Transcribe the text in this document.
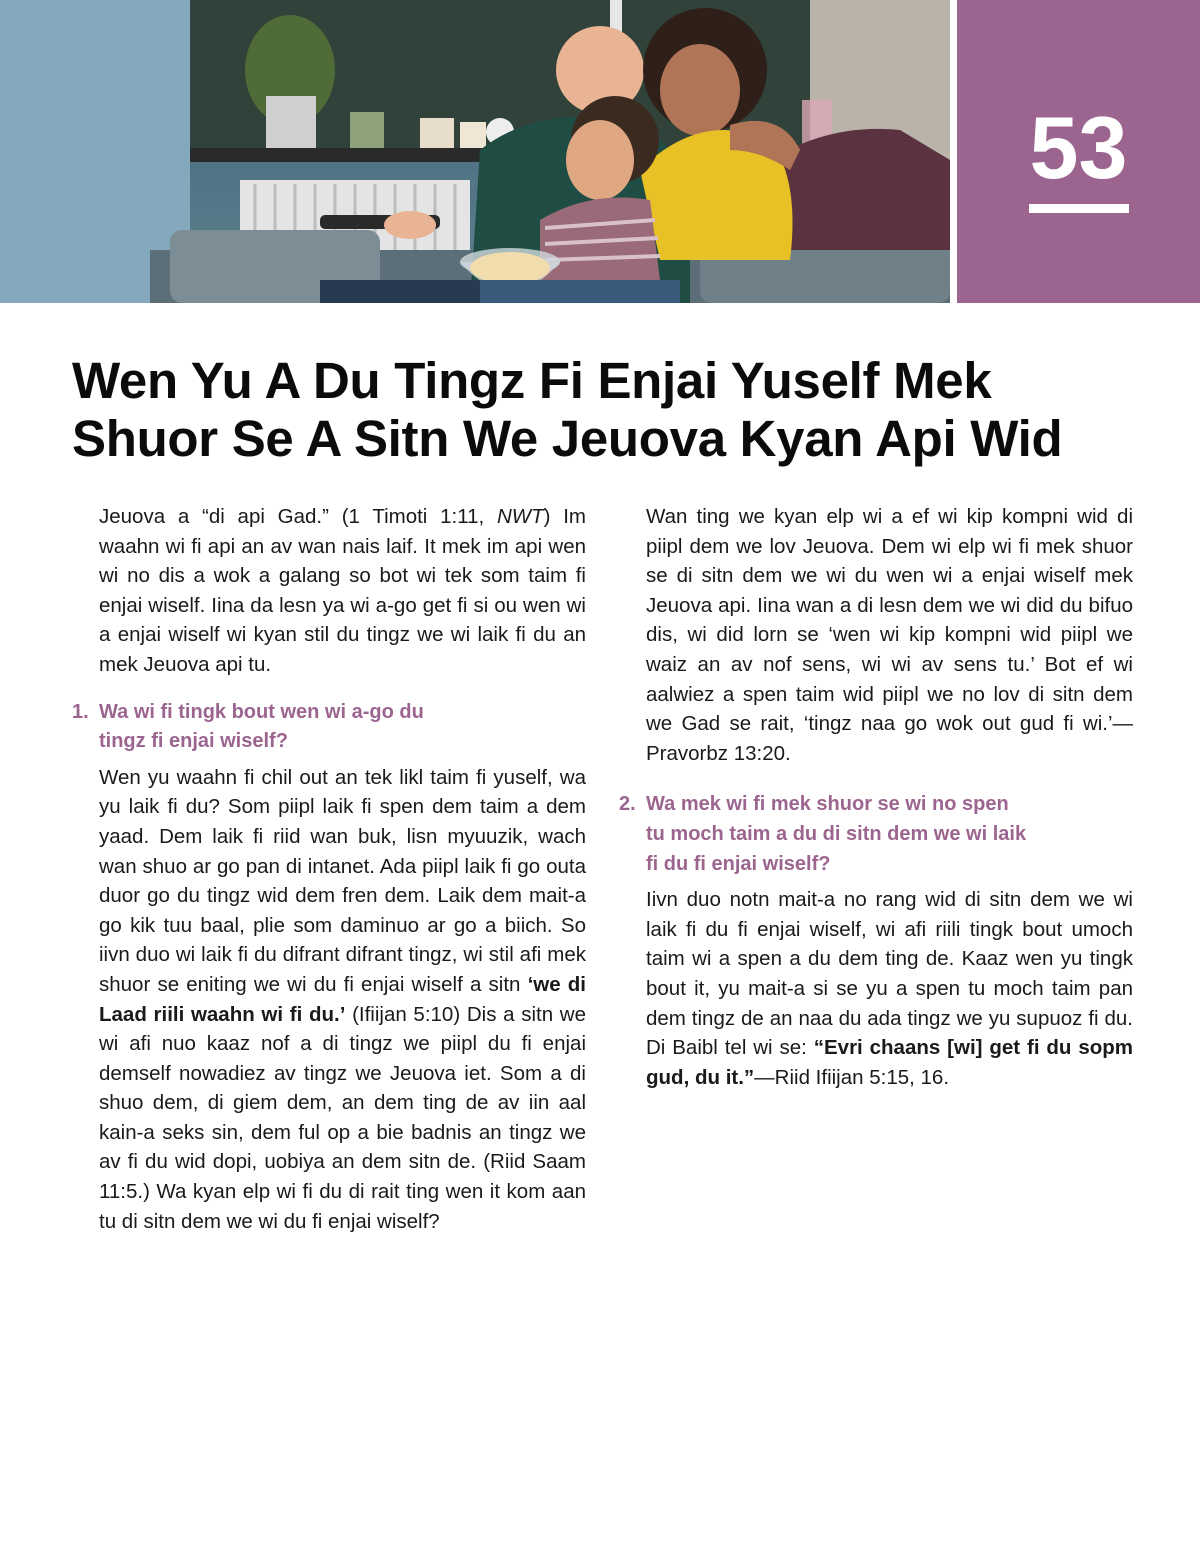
53
Wen Yu A Du Tingz Fi Enjai Yuself Mek
Shuor Se A Sitn We Jeuova Kyan Api Wid

Jeuova a “di api Gad.” (1 Timoti 1:11, NWT) Im waahn wi fi api an av wan nais laif. It mek im api wen wi no dis a wok a galang so bot wi tek som taim fi enjai wiself. Iina da lesn ya wi a-go get fi si ou wen wi a enjai wiself wi kyan stil du tingz we wi laik fi du an mek Jeuova api tu.

1. Wa wi fi tingk bout wen wi a-go du
tingz fi enjai wiself?

Wen yu waahn fi chil out an tek likl taim fi yuself, wa yu laik fi du? Som piipl laik fi spen dem taim a dem yaad. Dem laik fi riid wan buk, lisn myuuzik, wach wan shuo ar go pan di intanet. Ada piipl laik fi go outa duor go du tingz wid dem fren dem. Laik dem mait-a go kik tuu baal, plie som daminuo ar go a biich. So iivn duo wi laik fi du difrant difrant tingz, wi stil afi mek shuor se eniting we wi du fi enjai wiself a sitn ‘we di Laad riili waahn wi fi du.’ (Ifiijan 5:10) Dis a sitn we wi afi nuo kaaz nof a di tingz we piipl du fi enjai demself nowadiez av tingz we Jeuova iet. Som a di shuo dem, di giem dem, an dem ting de av iin aal kain-a seks sin, dem ful op a bie badnis an tingz we av fi du wid dopi, uobiya an dem sitn de. (Riid Saam 11:5.) Wa kyan elp wi fi du di rait ting wen it kom aan tu di sitn dem we wi du fi enjai wiself?

Wan ting we kyan elp wi a ef wi kip kompni wid di piipl dem we lov Jeuova. Dem wi elp wi fi mek shuor se di sitn dem we wi du wen wi a enjai wiself mek Jeuova api. Iina wan a di lesn dem we wi did du bifuo dis, wi did lorn se ‘wen wi kip kompni wid piipl we waiz an av nof sens, wi wi av sens tu.’ Bot ef wi aalwiez a spen taim wid piipl we no lov di sitn dem we Gad se rait, ‘tingz naa go wok out gud fi wi.’—Pravorbz 13:20.

2. Wa mek wi fi mek shuor se wi no spen
tu moch taim a du di sitn dem we wi laik
fi du fi enjai wiself?

Iivn duo notn mait-a no rang wid di sitn dem we wi laik fi du fi enjai wiself, wi afi riili tingk bout umoch taim wi a spen a du dem ting de. Kaaz wen yu tingk bout it, yu mait-a si se yu a spen tu moch taim pan dem tingz de an naa du ada tingz we yu supuoz fi du. Di Baibl tel wi se: “Evri chaans [wi] get fi du sopm gud, du it.”—Riid Ifiijan 5:15, 16.
